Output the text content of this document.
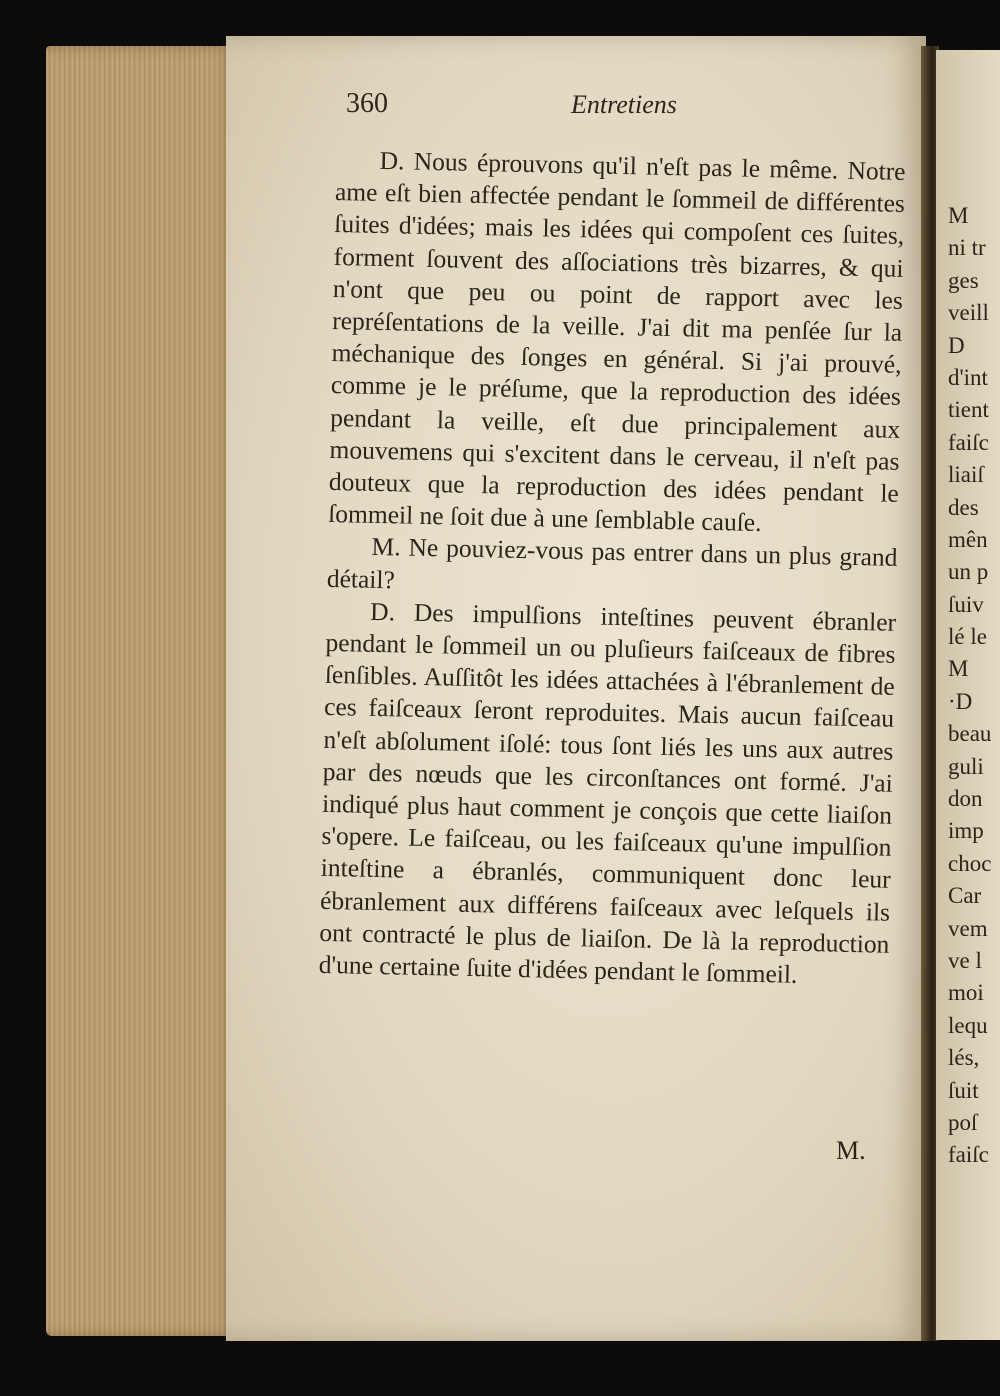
360	Entretiens

D. Nous éprouvons qu'il n'eſt pas le même. Notre ame eſt bien affectée pendant le ſommeil de différentes ſuites d'idées; mais les idées qui compoſent ces ſuites, forment ſouvent des aſſociations très bizarres, & qui n'ont que peu ou point de rapport avec les repréſentations de la veille. J'ai dit ma penſée ſur la méchanique des ſonges en général. Si j'ai prouvé, comme je le préſume, que la reproduction des idées pendant la veille, eſt due principalement aux mouvemens qui s'excitent dans le cerveau, il n'eſt pas douteux que la reproduction des idées pendant le ſommeil ne ſoit due à une ſemblable cauſe.

M. Ne pouviez-vous pas entrer dans un plus grand détail?

D. Des impulſions inteſtines peuvent ébranler pendant le ſommeil un ou pluſieurs faiſceaux de fibres ſenſibles. Auſſitôt les idées attachées à l'ébranlement de ces faiſceaux ſeront reproduites. Mais aucun faiſceau n'eſt abſolument iſolé: tous ſont liés les uns aux autres par des nœuds que les circonſtances ont formé. J'ai indiqué plus haut comment je conçois que cette liaiſon s'opere. Le faiſceau, ou les faiſceaux qu'une impulſion inteſtine a ébranlés, communiquent donc leur ébranlement aux différens faiſceaux avec leſquels ils ont contracté le plus de liaiſon. De là la reproduction d'une certaine ſuite d'idées pendant le ſommeil.

M.
M
ni tr
ges
veill
D
d'int
tient
faiſc
liaiſ
des
mên
un p
ſuiv
lé le
M
·D
beau
guli
don
imp
choc
Car
vem
ve l
moi
lequ
lés,
ſuit
poſ
faiſc
